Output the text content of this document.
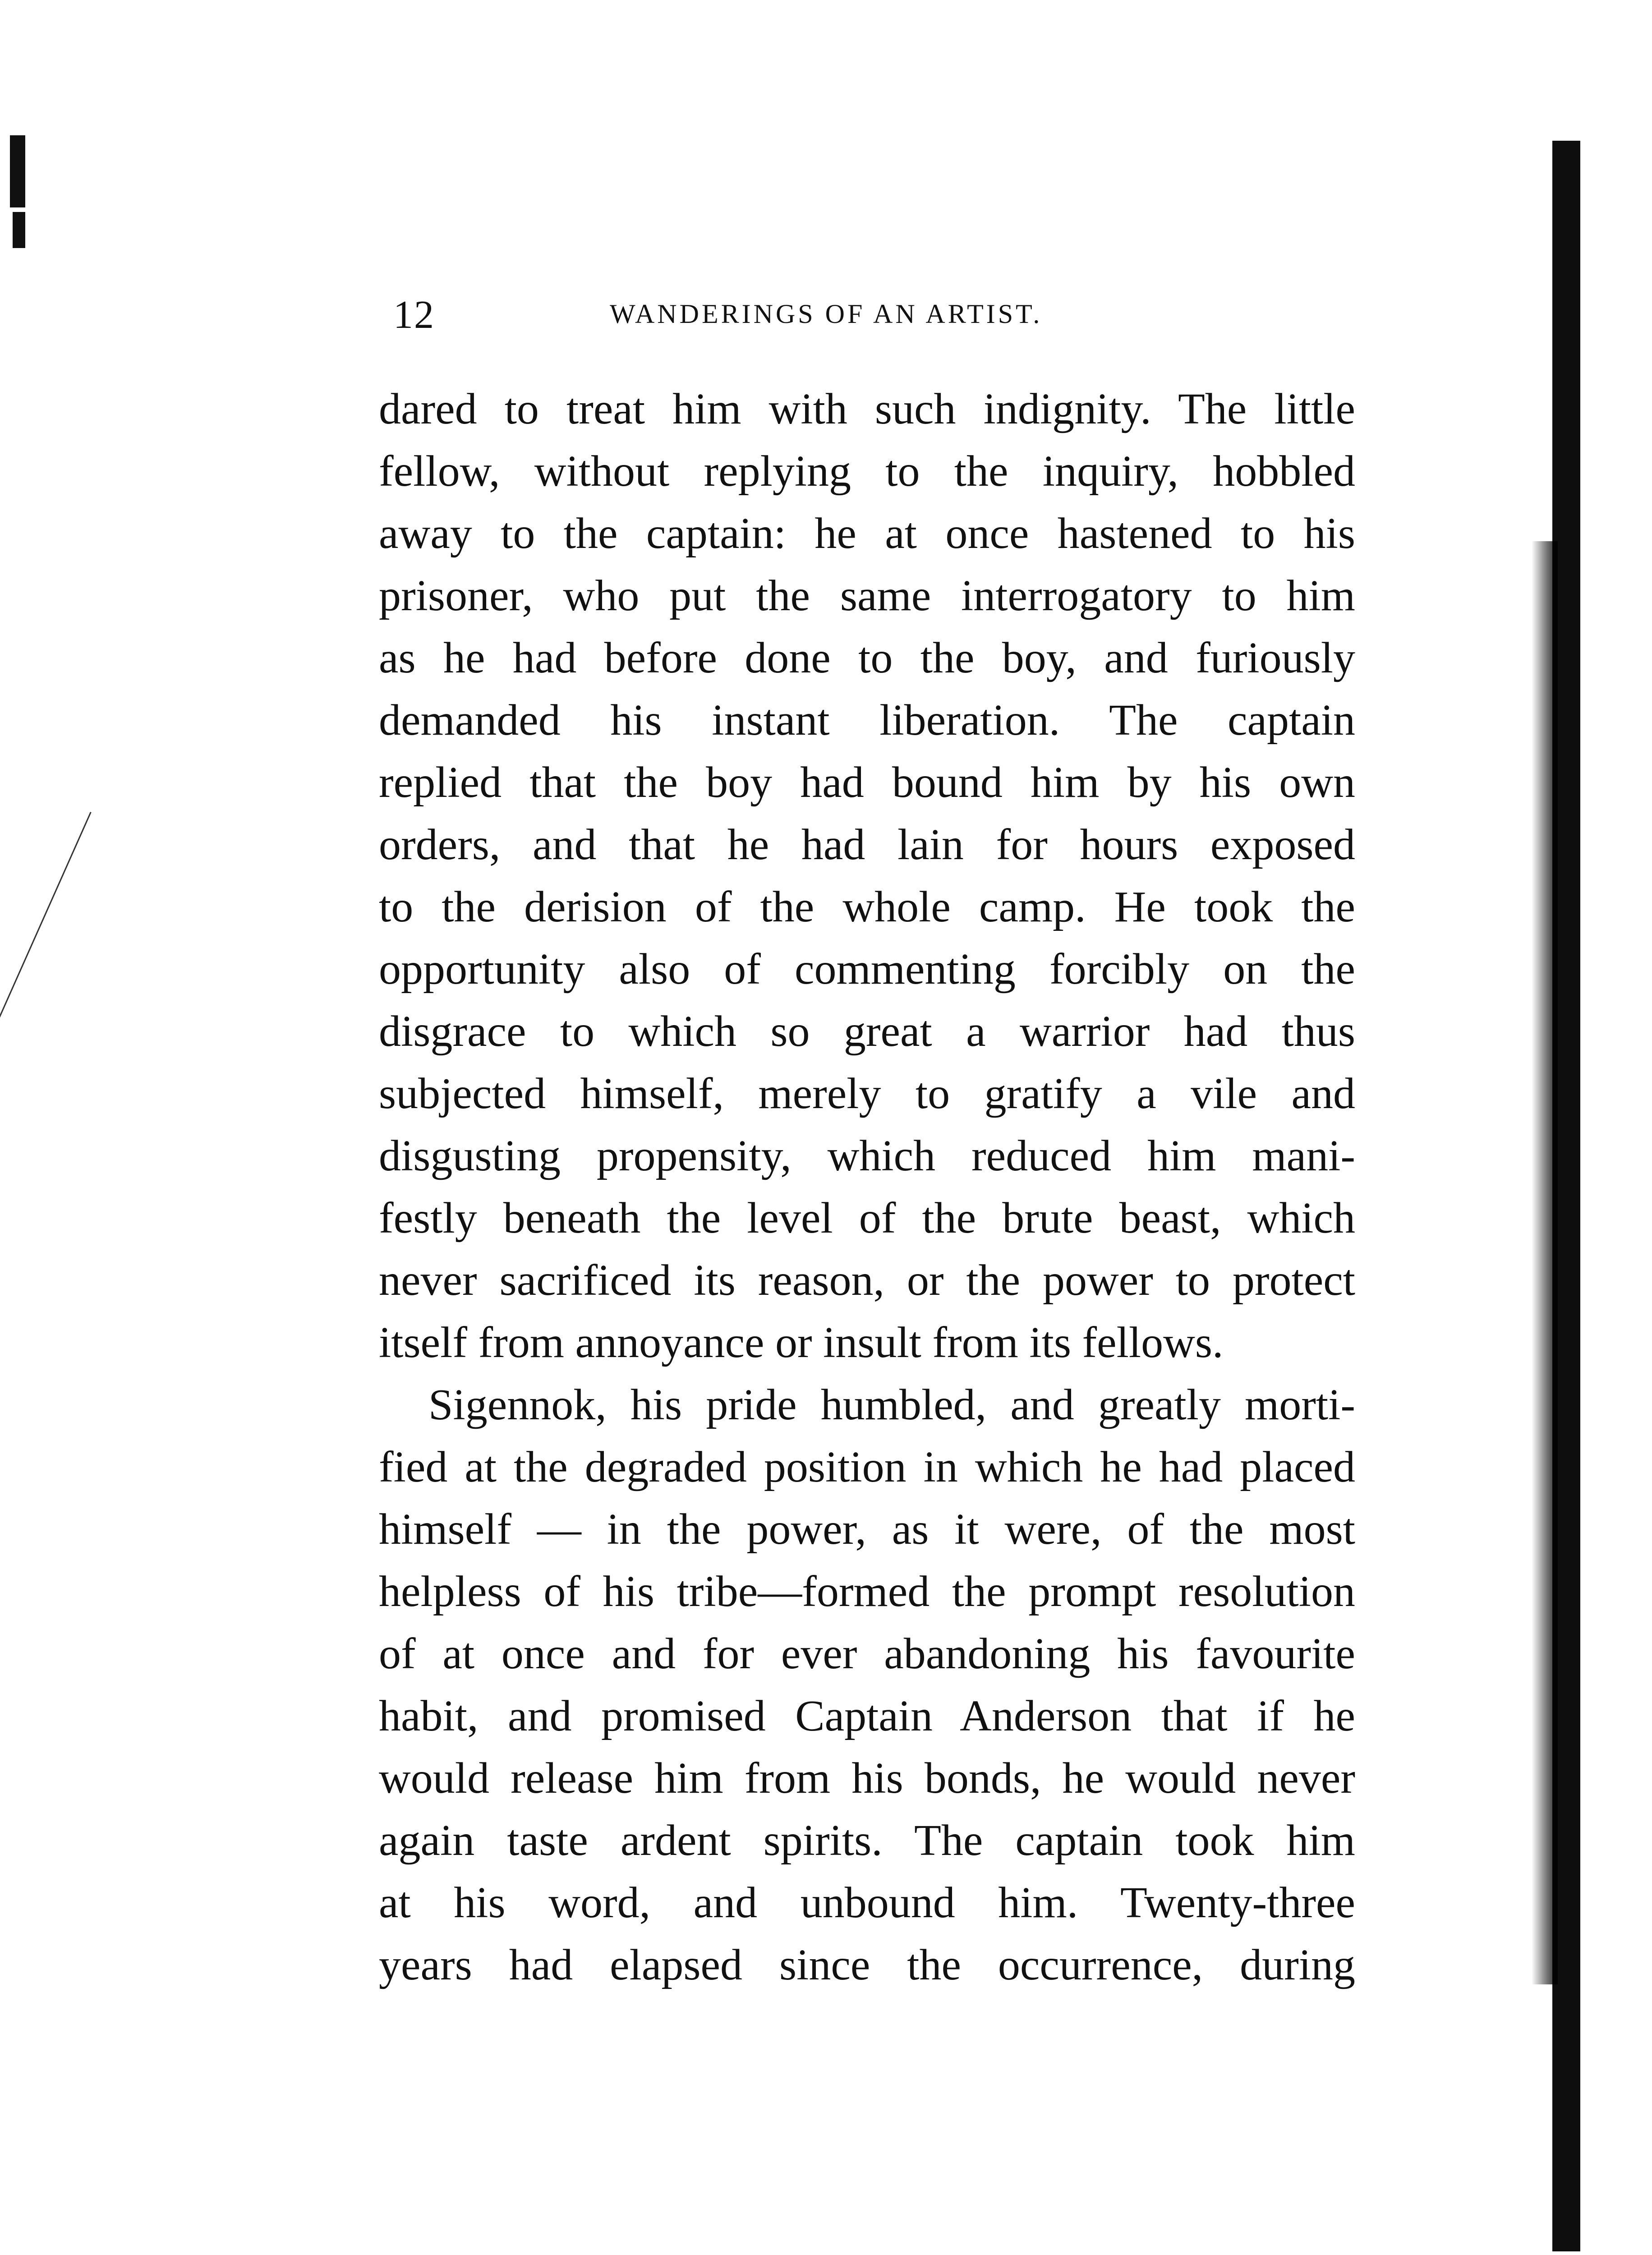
12	WANDERINGS OF AN ARTIST.
dared to treat him with such indignity. The little
fellow, without replying to the inquiry, hobbled
away to the captain: he at once hastened to his
prisoner, who put the same interrogatory to him
as he had before done to the boy, and furiously
demanded his instant liberation. The captain
replied that the boy had bound him by his own
orders, and that he had lain for hours exposed
to the derision of the whole camp. He took the
opportunity also of commenting forcibly on the
disgrace to which so great a warrior had thus
subjected himself, merely to gratify a vile and
disgusting propensity, which reduced him mani-
festly beneath the level of the brute beast, which
never sacrificed its reason, or the power to protect
itself from annoyance or insult from its fellows.
Sigennok, his pride humbled, and greatly morti-
fied at the degraded position in which he had placed
himself — in the power, as it were, of the most
helpless of his tribe—formed the prompt resolution
of at once and for ever abandoning his favourite
habit, and promised Captain Anderson that if he
would release him from his bonds, he would never
again taste ardent spirits. The captain took him
at his word, and unbound him. Twenty-three
years had elapsed since the occurrence, during
